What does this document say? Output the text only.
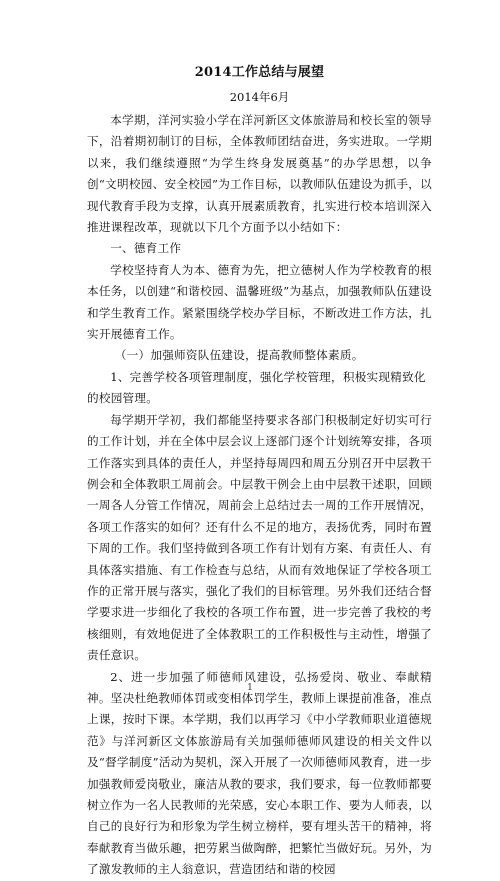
2014工作总结与展望

2014年6月

本学期，洋河实验小学在洋河新区文体旅游局和校长室的领导下，沿着期初制订的目标，全体教师团结奋进，务实进取。一学期以来，我们继续遵照“为学生终身发展奠基”的办学思想，以争创“文明校园、安全校园”为工作目标，以教师队伍建设为抓手，以现代教育手段为支撑，认真开展素质教育，扎实进行校本培训深入推进课程改革，现就以下几个方面予以小结如下：

一、德育工作

学校坚持育人为本、德育为先，把立德树人作为学校教育的根本任务，以创建“和谐校园、温馨班级”为基点，加强教师队伍建设和学生教育工作。紧紧围绕学校办学目标，不断改进工作方法，扎实开展德育工作。

（一）加强师资队伍建设，提高教师整体素质。

1、完善学校各项管理制度，强化学校管理，积极实现精致化的校园管理。

每学期开学初，我们都能坚持要求各部门积极制定好切实可行的工作计划，并在全体中层会议上逐部门逐个计划统筹安排，各项工作落实到具体的责任人，并坚持每周四和周五分别召开中层教干例会和全体教职工周前会。中层教干例会上由中层教干述职，回顾一周各人分管工作情况，周前会上总结过去一周的工作开展情况，各项工作落实的如何？还有什么不足的地方，表扬优秀，同时布置下周的工作。我们坚持做到各项工作有计划有方案、有责任人、有具体落实措施、有工作检查与总结，从而有效地保证了学校各项工作的正常开展与落实，强化了我们的目标管理。另外我们还结合督学要求进一步细化了我校的各项工作布置，进一步完善了我校的考核细则，有效地促进了全体教职工的工作积极性与主动性，增强了责任意识。

2、进一步加强了师德师风建设，弘扬爱岗、敬业、奉献精神。坚决杜绝教师体罚或变相体罚学生，教师上课提前准备，准点上课，按时下课。本学期，我们以再学习《中小学教师职业道德规范》与洋河新区文体旅游局有关加强师德师风建设的相关文件以及“督学制度”活动为契机，深入开展了一次师德师风教育，进一步加强教师爱岗敬业，廉洁从教的要求，我们要求，每一位教师都要树立作为一名人民教师的光荣感，安心本职工作、要为人师表，以自己的良好行为和形象为学生树立榜样，要有埋头苦干的精神，将奉献教育当做乐趣，把劳累当做陶醉，把繁忙当做好玩。另外，为了激发教师的主人翁意识，营造团结和谐的校园

1
